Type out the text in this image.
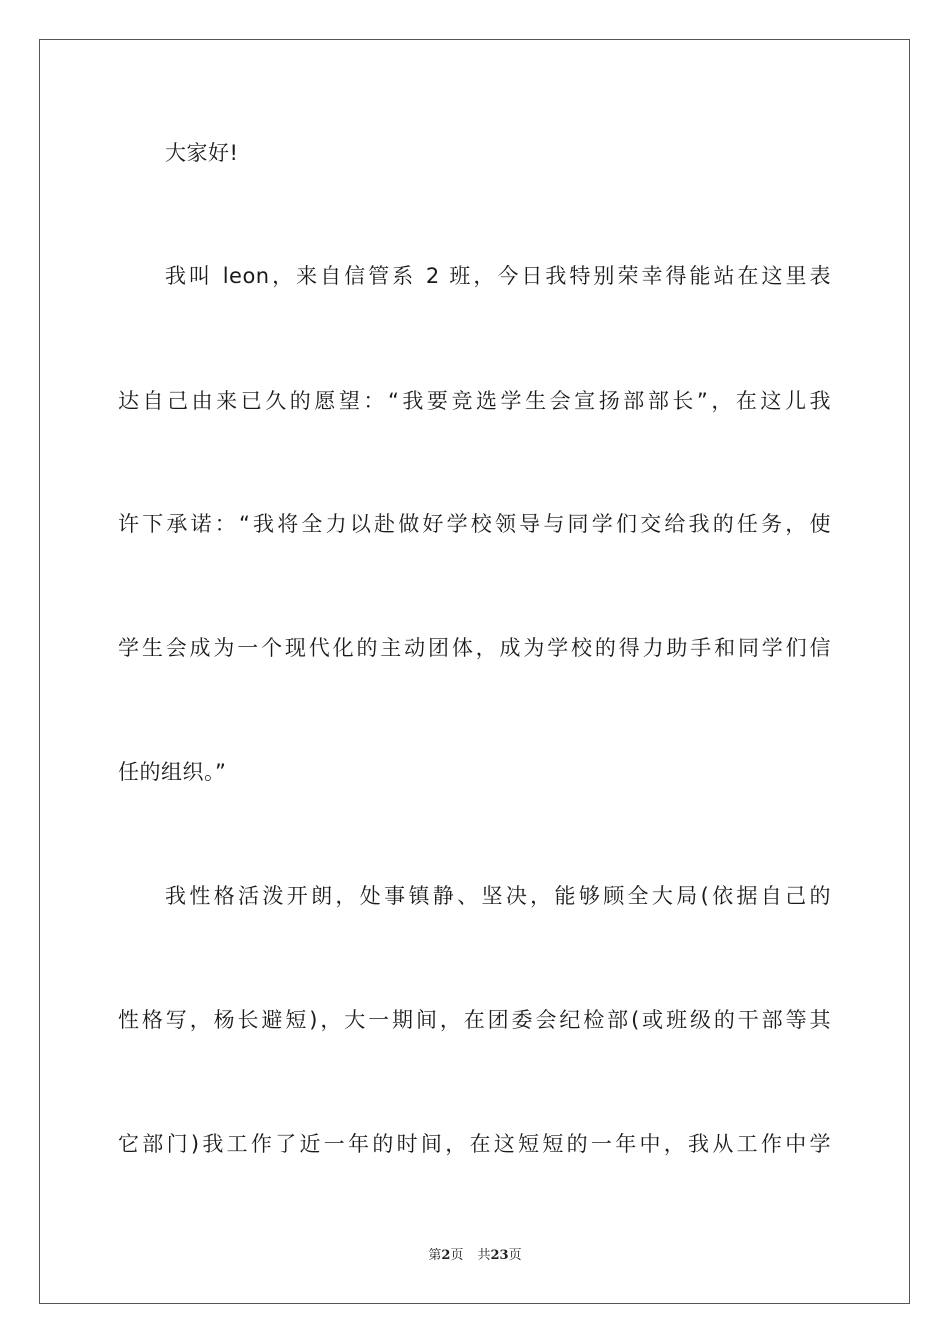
大家好!
我叫 leon，来自信管系 2 班，今日我特别荣幸得能站在这里表
达自己由来已久的愿望：“我要竞选学生会宣扬部部长”，在这儿我
许下承诺：“我将全力以赴做好学校领导与同学们交给我的任务，使
学生会成为一个现代化的主动团体，成为学校的得力助手和同学们信
任的组织。”
我性格活泼开朗，处事镇静、坚决，能够顾全大局(依据自己的
性格写，杨长避短)，大一期间，在团委会纪检部(或班级的干部等其
它部门)我工作了近一年的时间，在这短短的一年中，我从工作中学
第2页 共23页
